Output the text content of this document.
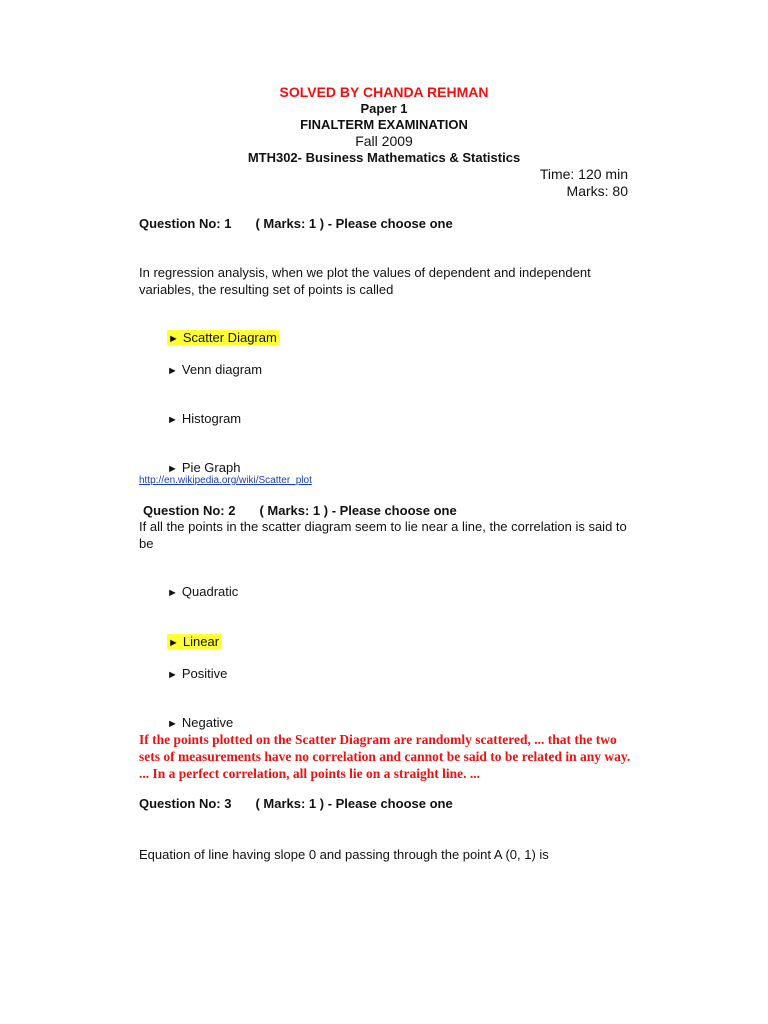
SOLVED BY CHANDA REHMAN
Paper 1
FINALTERM EXAMINATION
Fall 2009
MTH302- Business Mathematics & Statistics
Time: 120 min
Marks: 80
Question No: 1 ( Marks: 1 ) - Please choose one
In regression analysis, when we plot the values of dependent and independent variables, the resulting set of points is called
► Scatter Diagram
► Venn diagram
► Histogram
► Pie Graph
http://en.wikipedia.org/wiki/Scatter_plot
Question No: 2 ( Marks: 1 ) - Please choose one
If all the points in the scatter diagram seem to lie near a line, the correlation is said to be
► Quadratic
► Linear
► Positive
► Negative
If the points plotted on the Scatter Diagram are randomly scattered, ... that the two sets of measurements have no correlation and cannot be said to be related in any way. ... In a perfect correlation, all points lie on a straight line. ...
Question No: 3 ( Marks: 1 ) - Please choose one
Equation of line having slope 0 and passing through the point A (0, 1) is
